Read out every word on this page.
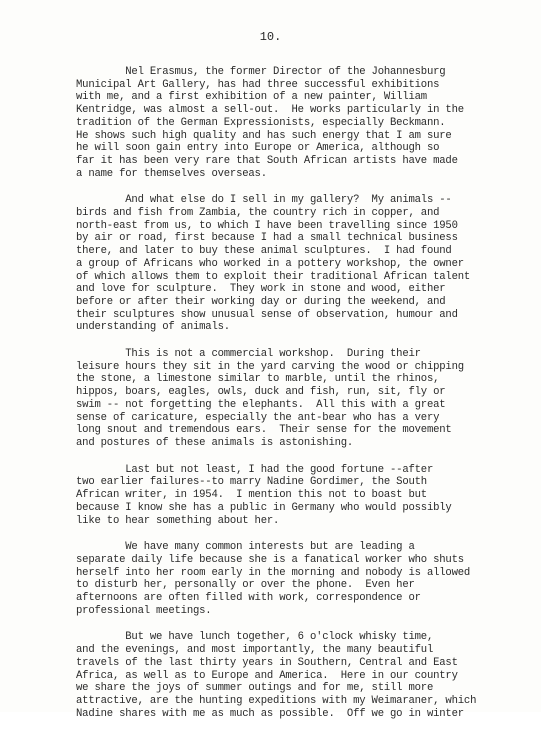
10.
Nel Erasmus, the former Director of the Johannesburg
Municipal Art Gallery, has had three successful exhibitions
with me, and a first exhibition of a new painter, William
Kentridge, was almost a sell-out.  He works particularly in the
tradition of the German Expressionists, especially Beckmann.
He shows such high quality and has such energy that I am sure
he will soon gain entry into Europe or America, although so
far it has been very rare that South African artists have made
a name for themselves overseas.
And what else do I sell in my gallery?  My animals --
birds and fish from Zambia, the country rich in copper, and
north-east from us, to which I have been travelling since 1950
by air or road, first because I had a small technical business
there, and later to buy these animal sculptures.  I had found
a group of Africans who worked in a pottery workshop, the owner
of which allows them to exploit their traditional African talent
and love for sculpture.  They work in stone and wood, either
before or after their working day or during the weekend, and
their sculptures show unusual sense of observation, humour and
understanding of animals.
This is not a commercial workshop.  During their
leisure hours they sit in the yard carving the wood or chipping
the stone, a limestone similar to marble, until the rhinos,
hippos, boars, eagles, owls, duck and fish, run, sit, fly or
swim -- not forgetting the elephants.  All this with a great
sense of caricature, especially the ant-bear who has a very
long snout and tremendous ears.  Their sense for the movement
and postures of these animals is astonishing.
Last but not least, I had the good fortune --after
two earlier failures--to marry Nadine Gordimer, the South
African writer, in 1954.  I mention this not to boast but
because I know she has a public in Germany who would possibly
like to hear something about her.
We have many common interests but are leading a
separate daily life because she is a fanatical worker who shuts
herself into her room early in the morning and nobody is allowed
to disturb her, personally or over the phone.  Even her
afternoons are often filled with work, correspondence or
professional meetings.
But we have lunch together, 6 o'clock whisky time,
and the evenings, and most importantly, the many beautiful
travels of the last thirty years in Southern, Central and East
Africa, as well as to Europe and America.  Here in our country
we share the joys of summer outings and for me, still more
attractive, are the hunting expeditions with my Weimaraner, which
Nadine shares with me as much as possible.  Off we go in winter
